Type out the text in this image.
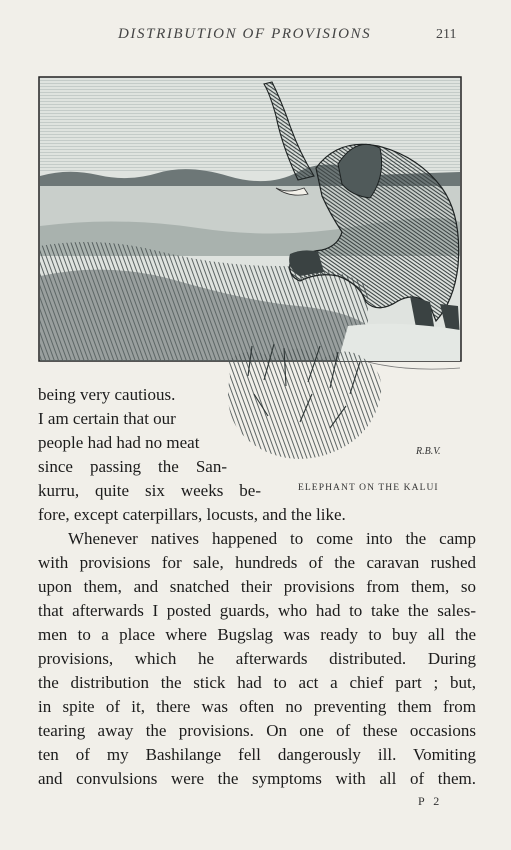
DISTRIBUTION OF PROVISIONS	211
R.B.V.
ELEPHANT ON THE KALUI
being very cautious.
I am certain that our
people had had no meat
since passing the San-
kurru, quite six weeks be-
fore, except caterpillars, locusts, and the like.
Whenever natives happened to come into the camp
with provisions for sale, hundreds of the caravan rushed
upon them, and snatched their provisions from them, so
that afterwards I posted guards, who had to take the sales-
men to a place where Bugslag was ready to buy all the
provisions, which he afterwards distributed. During
the distribution the stick had to act a chief part ; but,
in spite of it, there was often no preventing them from
tearing away the provisions. On one of these occasions
ten of my Bashilange fell dangerously ill. Vomiting
and convulsions were the symptoms with all of them.
P 2
